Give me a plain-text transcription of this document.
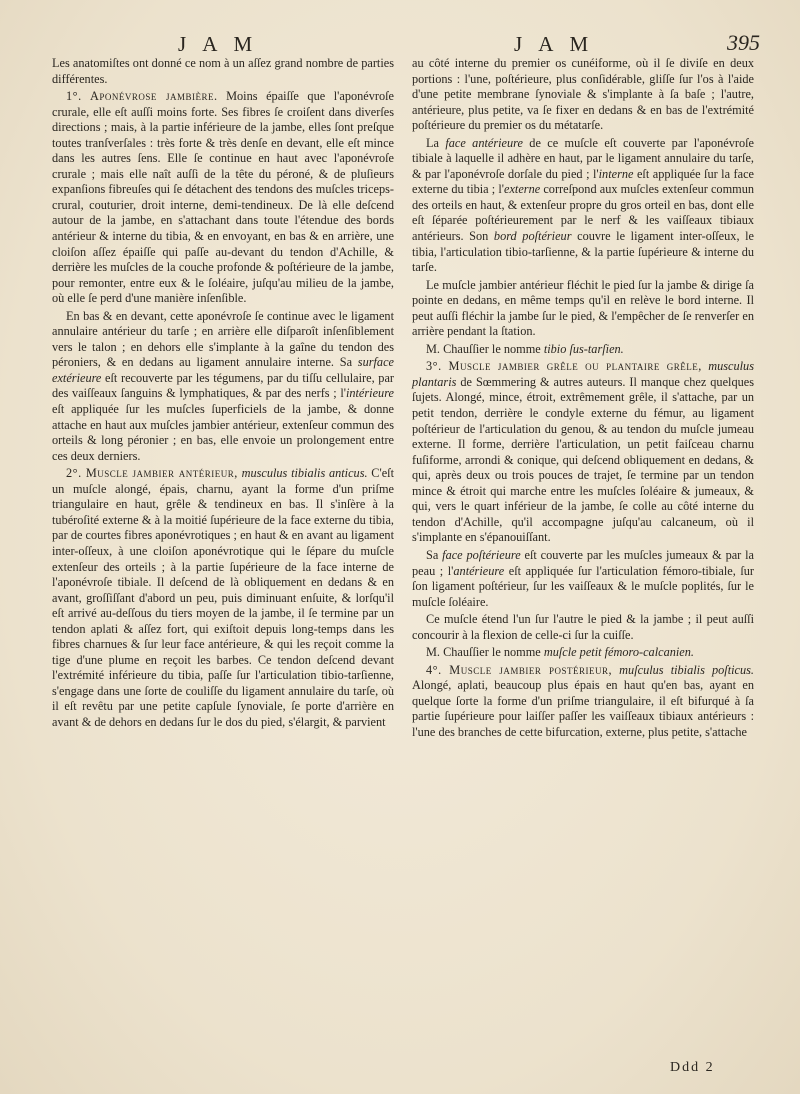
J A M	J A M	395

Les anatomiſtes ont donné ce nom à un aſſez grand nombre de parties différentes.

1°. Aponévrose jambière. Moins épaiſſe que l'aponévroſe crurale, elle eſt auſſi moins forte. Ses fibres ſe croiſent dans diverſes directions ; mais, à la partie inférieure de la jambe, elles ſont preſque toutes tranſverſales : très forte & très denſe en devant, elle eſt mince dans les autres ſens. Elle ſe continue en haut avec l'aponévroſe crurale ; mais elle naît auſſi de la tête du péroné, & de pluſieurs expanſions fibreuſes qui ſe détachent des tendons des muſcles triceps-crural, couturier, droit interne, demi-tendineux. De là elle deſcend autour de la jambe, en s'attachant dans toute l'étendue des bords antérieur & interne du tibia, & en envoyant, en bas & en arrière, une cloiſon aſſez épaiſſe qui paſſe au-devant du tendon d'Achille, & derrière les muſcles de la couche profonde & poſtérieure de la jambe, pour remonter, entre eux & le ſoléaire, juſqu'au milieu de la jambe, où elle ſe perd d'une manière inſenſible.

En bas & en devant, cette aponévroſe ſe continue avec le ligament annulaire antérieur du tarſe ; en arrière elle diſparoît inſenſiblement vers le talon ; en dehors elle s'implante à la gaîne du tendon des péroniers, & en dedans au ligament annulaire interne. Sa surface extérieure eſt recouverte par les tégumens, par du tiſſu cellulaire, par des vaiſſeaux ſanguins & lymphatiques, & par des nerfs ; l'intérieure eſt appliquée ſur les muſcles ſuperficiels de la jambe, & donne attache en haut aux muſcles jambier antérieur, extenſeur commun des orteils & long péronier ; en bas, elle envoie un prolongement entre ces deux derniers.

2°. Muscle jambier antérieur, musculus tibialis anticus. C'eſt un muſcle alongé, épais, charnu, ayant la forme d'un priſme triangulaire en haut, grêle & tendineux en bas. Il s'inſère à la tubéroſité externe & à la moitié ſupérieure de la face externe du tibia, par de courtes fibres aponévrotiques ; en haut & en avant au ligament inter-oſſeux, à une cloiſon aponévrotique qui le ſépare du muſcle extenſeur des orteils ; à la partie ſupérieure de la face interne de l'aponévroſe tibiale. Il deſcend de là obliquement en dedans & en avant, groſſiſſant d'abord un peu, puis diminuant enſuite, & lorſqu'il eſt arrivé au-deſſous du tiers moyen de la jambe, il ſe termine par un tendon aplati & aſſez fort, qui exiſtoit depuis long-temps dans les fibres charnues & ſur leur face antérieure, & qui les reçoit comme la tige d'une plume en reçoit les barbes. Ce tendon deſcend devant l'extrémité inférieure du tibia, paſſe ſur l'articulation tibio-tarſienne, s'engage dans une ſorte de couliſſe du ligament annulaire du tarſe, où il eſt revêtu par une petite capſule ſynoviale, ſe porte d'arrière en avant & de dehors en dedans ſur le dos du pied, s'élargit, & parvient

au côté interne du premier os cunéiforme, où il ſe diviſe en deux portions : l'une, poſtérieure, plus conſidérable, gliſſe ſur l'os à l'aide d'une petite membrane ſynoviale & s'implante à ſa baſe ; l'autre, antérieure, plus petite, va ſe fixer en dedans & en bas de l'extrémité poſtérieure du premier os du métatarſe.

La face antérieure de ce muſcle eſt couverte par l'aponévroſe tibiale à laquelle il adhère en haut, par le ligament annulaire du tarſe, & par l'aponévroſe dorſale du pied ; l'interne eſt appliquée ſur la face externe du tibia ; l'externe correſpond aux muſcles extenſeur commun des orteils en haut, & extenſeur propre du gros orteil en bas, dont elle eſt ſéparée poſtérieurement par le nerf & les vaiſſeaux tibiaux antérieurs. Son bord poſtérieur couvre le ligament inter-oſſeux, le tibia, l'articulation tibio-tarſienne, & la partie ſupérieure & interne du tarſe.

Le muſcle jambier antérieur fléchit le pied ſur la jambe & dirige ſa pointe en dedans, en même temps qu'il en relève le bord interne. Il peut auſſi fléchir la jambe ſur le pied, & l'empêcher de ſe renverſer en arrière pendant la ſtation.

M. Chauſſier le nomme tibio ſus-tarſien.

3°. Muscle jambier grêle ou plantaire grêle, musculus plantaris de Sœmmering & autres auteurs. Il manque chez quelques ſujets. Alongé, mince, étroit, extrêmement grêle, il s'attache, par un petit tendon, derrière le condyle externe du fémur, au ligament poſtérieur de l'articulation du genou, & au tendon du muſcle jumeau externe. Il forme, derrière l'articulation, un petit faiſceau charnu fuſiforme, arrondi & conique, qui deſcend obliquement en dedans, & qui, après deux ou trois pouces de trajet, ſe termine par un tendon mince & étroit qui marche entre les muſcles ſoléaire & jumeaux, & qui, vers le quart inférieur de la jambe, ſe colle au côté interne du tendon d'Achille, qu'il accompagne juſqu'au calcaneum, où il s'implante en s'épanouiſſant.

Sa face poſtérieure eſt couverte par les muſcles jumeaux & par la peau ; l'antérieure eſt appliquée ſur l'articulation fémoro-tibiale, ſur ſon ligament poſtérieur, ſur les vaiſſeaux & le muſcle poplités, ſur le muſcle ſoléaire.

Ce muſcle étend l'un ſur l'autre le pied & la jambe ; il peut auſſi concourir à la flexion de celle-ci ſur la cuiſſe.

M. Chauſſier le nomme muſcle petit fémoro-calcanien.

4°. Muscle jambier postérieur, muſculus tibialis poſticus. Alongé, aplati, beaucoup plus épais en haut qu'en bas, ayant en quelque ſorte la forme d'un priſme triangulaire, il eſt bifurqué à ſa partie ſupérieure pour laiſſer paſſer les vaiſſeaux tibiaux antérieurs : l'une des branches de cette bifurcation, externe, plus petite, s'attache

Ddd 2
